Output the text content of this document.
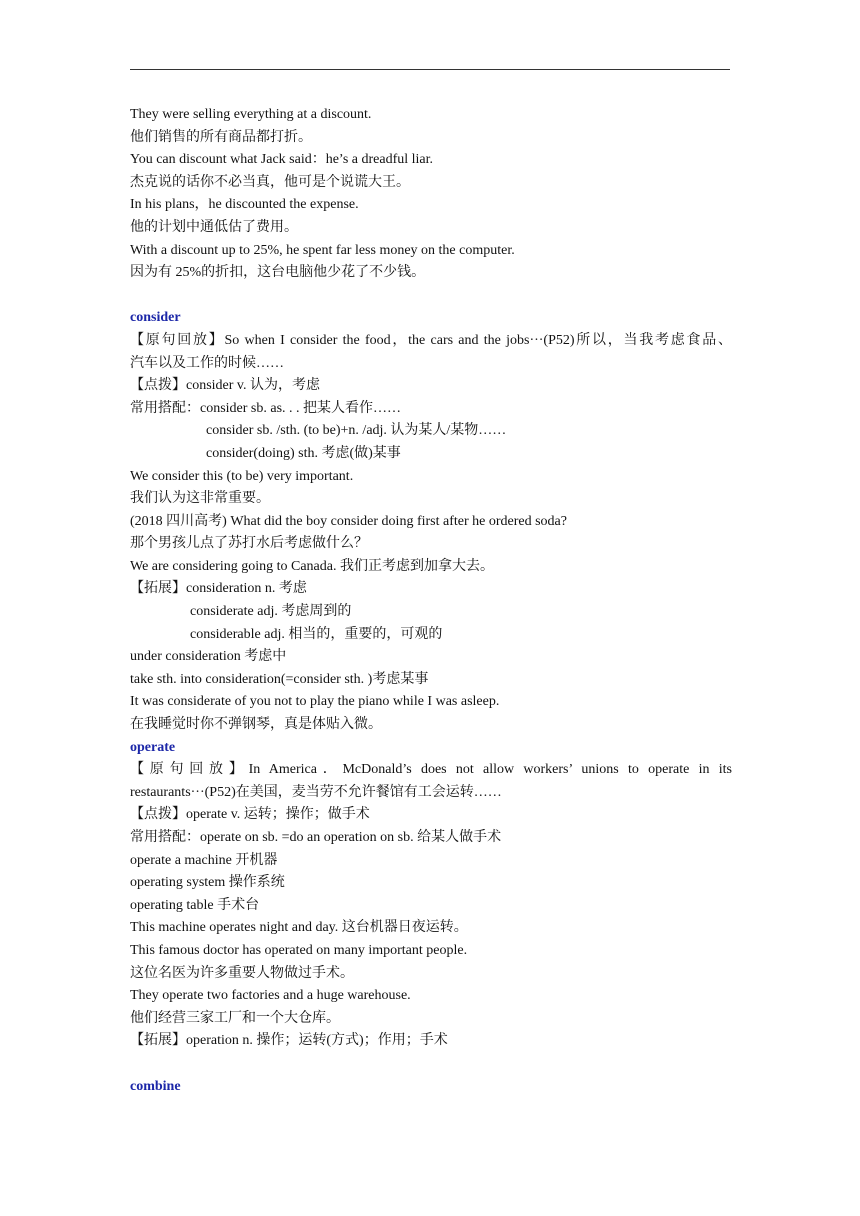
They were selling everything at a discount.
他们销售的所有商品都打折。
You can discount what Jack said：he’s a dreadful liar.
杰克说的话你不必当真，他可是个说谎大王。
In his plans，he discounted the expense.
他的计划中通低估了费用。
With a discount up to 25%, he spent far less money on the computer.
因为有 25%的折扣，这台电脑他少花了不少钱。
consider
【原句回放】So when I consider the food，the cars and the jobs···(P52)所以，当我考虑食品、
汽车以及工作的时候……
【点拨】consider v. 认为，考虑
常用搭配：consider sb. as. . . 把某人看作……
consider sb. /sth. (to be)+n. /adj. 认为某人/某物……
consider(doing) sth. 考虑(做)某事
We consider this (to be) very important.
我们认为这非常重要。
(2018 四川高考) What did the boy consider doing first after he ordered soda?
那个男孩儿点了苏打水后考虑做什么？
We are considering going to Canada. 我们正考虑到加拿大去。
【拓展】consideration n. 考虑
considerate adj. 考虑周到的
considerable adj. 相当的，重要的，可观的
under consideration 考虑中
take sth. into consideration(=consider sth. )考虑某事
It was considerate of you not to play the piano while I was asleep.
在我睡觉时你不弹钢琴，真是体贴入微。
operate
【原句回放】In America．McDonald’s does not allow workers’ unions to operate in its
restaurants···(P52)在美国，麦当劳不允许餐馆有工会运转……
【点拨】operate v. 运转；操作；做手术
常用搭配：operate on sb. =do an operation on sb. 给某人做手术
operate a machine 开机器
operating system 操作系统
operating table 手术台
This machine operates night and day. 这台机器日夜运转。
This famous doctor has operated on many important people.
这位名医为许多重要人物做过手术。
They operate two factories and a huge warehouse.
他们经营三家工厂和一个大仓库。
【拓展】operation n. 操作；运转(方式)；作用；手术
combine
